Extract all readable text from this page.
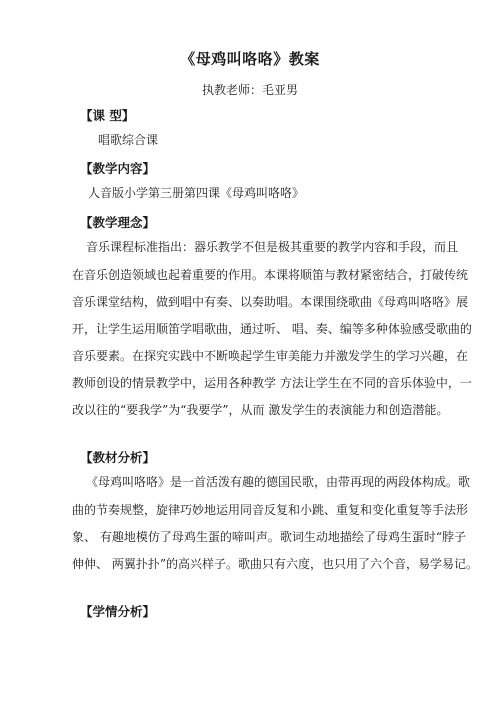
《母鸡叫咯咯》教案
执教老师：毛亚男
【课 型】
唱歌综合课
【教学内容】
人音版小学第三册第四课《母鸡叫咯咯》
【教学理念】
音乐课程标准指出：器乐教学不但是极其重要的教学内容和手段，而且
在音乐创造领域也起着重要的作用。本课将顺笛与教材紧密结合，打破传统
音乐课堂结构，做到唱中有奏、以奏助唱。本课围绕歌曲《母鸡叫咯咯》展
开，让学生运用顺笛学唱歌曲，通过听、 唱、奏、编等多种体验感受歌曲的
音乐要素。在探究实践中不断唤起学生审美能力并激发学生的学习兴趣，在
教师创设的情景教学中，运用各种教学 方法让学生在不同的音乐体验中，一
改以往的“要我学”为“我要学”，从而 激发学生的表演能力和创造潜能。
【教材分析】
《母鸡叫咯咯》是一首活泼有趣的德国民歌，由带再现的两段体构成。歌
曲的节奏规整，旋律巧妙地运用同音反复和小跳、重复和变化重复等手法形
象、 有趣地模仿了母鸡生蛋的啼叫声。歌词生动地描绘了母鸡生蛋时“脖子
伸伸、 两翼扑扑”的高兴样子。歌曲只有六度，也只用了六个音，易学易记。
【学情分析】
